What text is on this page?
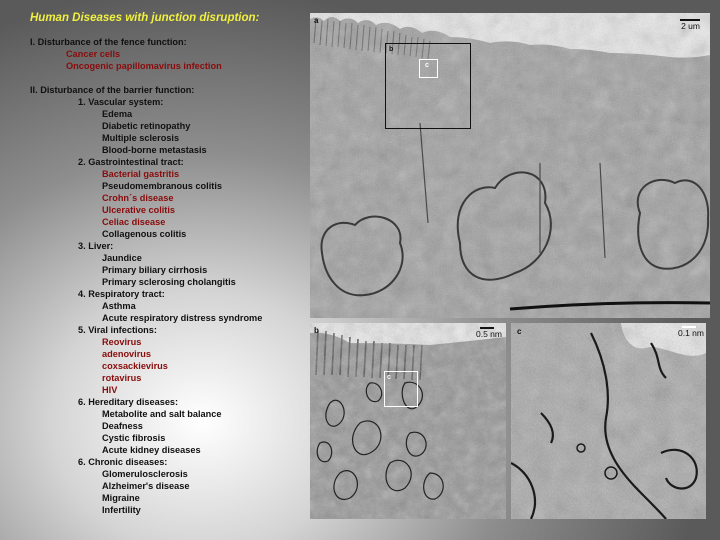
Human Diseases with junction disruption:
I. Disturbance of the fence function:
Cancer cells
Oncogenic papillomavirus infection
II. Disturbance of the barrier function:
1. Vascular system:
Edema
Diabetic retinopathy
Multiple sclerosis
Blood-borne metastasis
2. Gastrointestinal tract:
Bacterial gastritis
Pseudomembranous colitis
Crohn´s disease
Ulcerative colitis
Celiac disease
Collagenous colitis
3. Liver:
Jaundice
Primary biliary cirrhosis
Primary sclerosing cholangitis
4. Respiratory tract:
Asthma
Acute respiratory distress syndrome
5. Viral infections:
Reovirus
adenovirus
coxsackievirus
rotavirus
HIV
6. Hereditary diseases:
Metabolite and salt balance
Deafness
Cystic fibrosis
Acute kidney diseases
6. Chronic diseases:
Glomerulosclerosis
Alzheimer's disease
Migraine
Infertility
a
2 um
b
c
b	0.5 nm
c
c	0.1 nm
